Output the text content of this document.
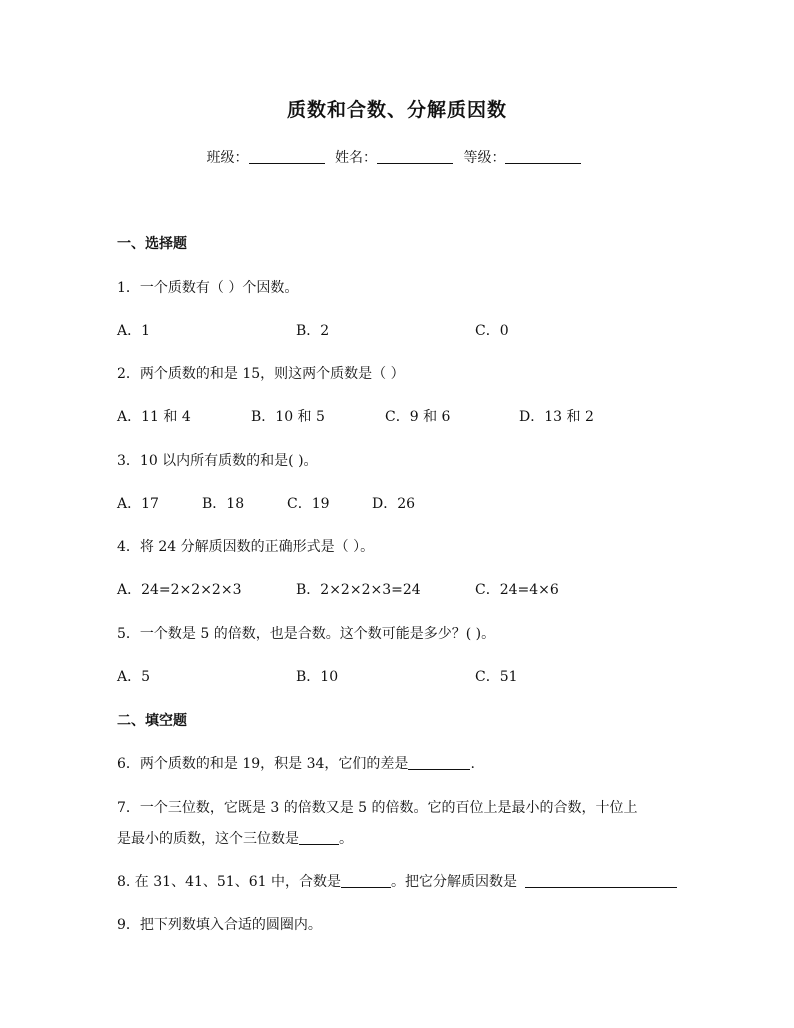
质数和合数、分解质因数
班级：	姓名：	等级：
一、选择题
1．一个质数有（ ）个因数。
A．1	B．2	C．0
2．两个质数的和是 15，则这两个质数是（ ）
A．11 和 4	B．10 和 5	C．9 和 6	D．13 和 2
3．10 以内所有质数的和是( )。
A．17	B．18	C．19	D．26
4．将 24 分解质因数的正确形式是（ ）。
A．24=2×2×2×3	B．2×2×2×3=24	C．24=4×6
5．一个数是 5 的倍数，也是合数。这个数可能是多少？( )。
A．5	B．10	C．51
二、填空题
6．两个质数的和是 19，积是 34，它们的差是	.
7．一个三位数，它既是 3 的倍数又是 5 的倍数。它的百位上是最小的合数，十位上
是最小的质数，这个三位数是	。
8. 在 31、41、51、61 中，合数是	。把它分解质因数是
9．把下列数填入合适的圆圈内。
